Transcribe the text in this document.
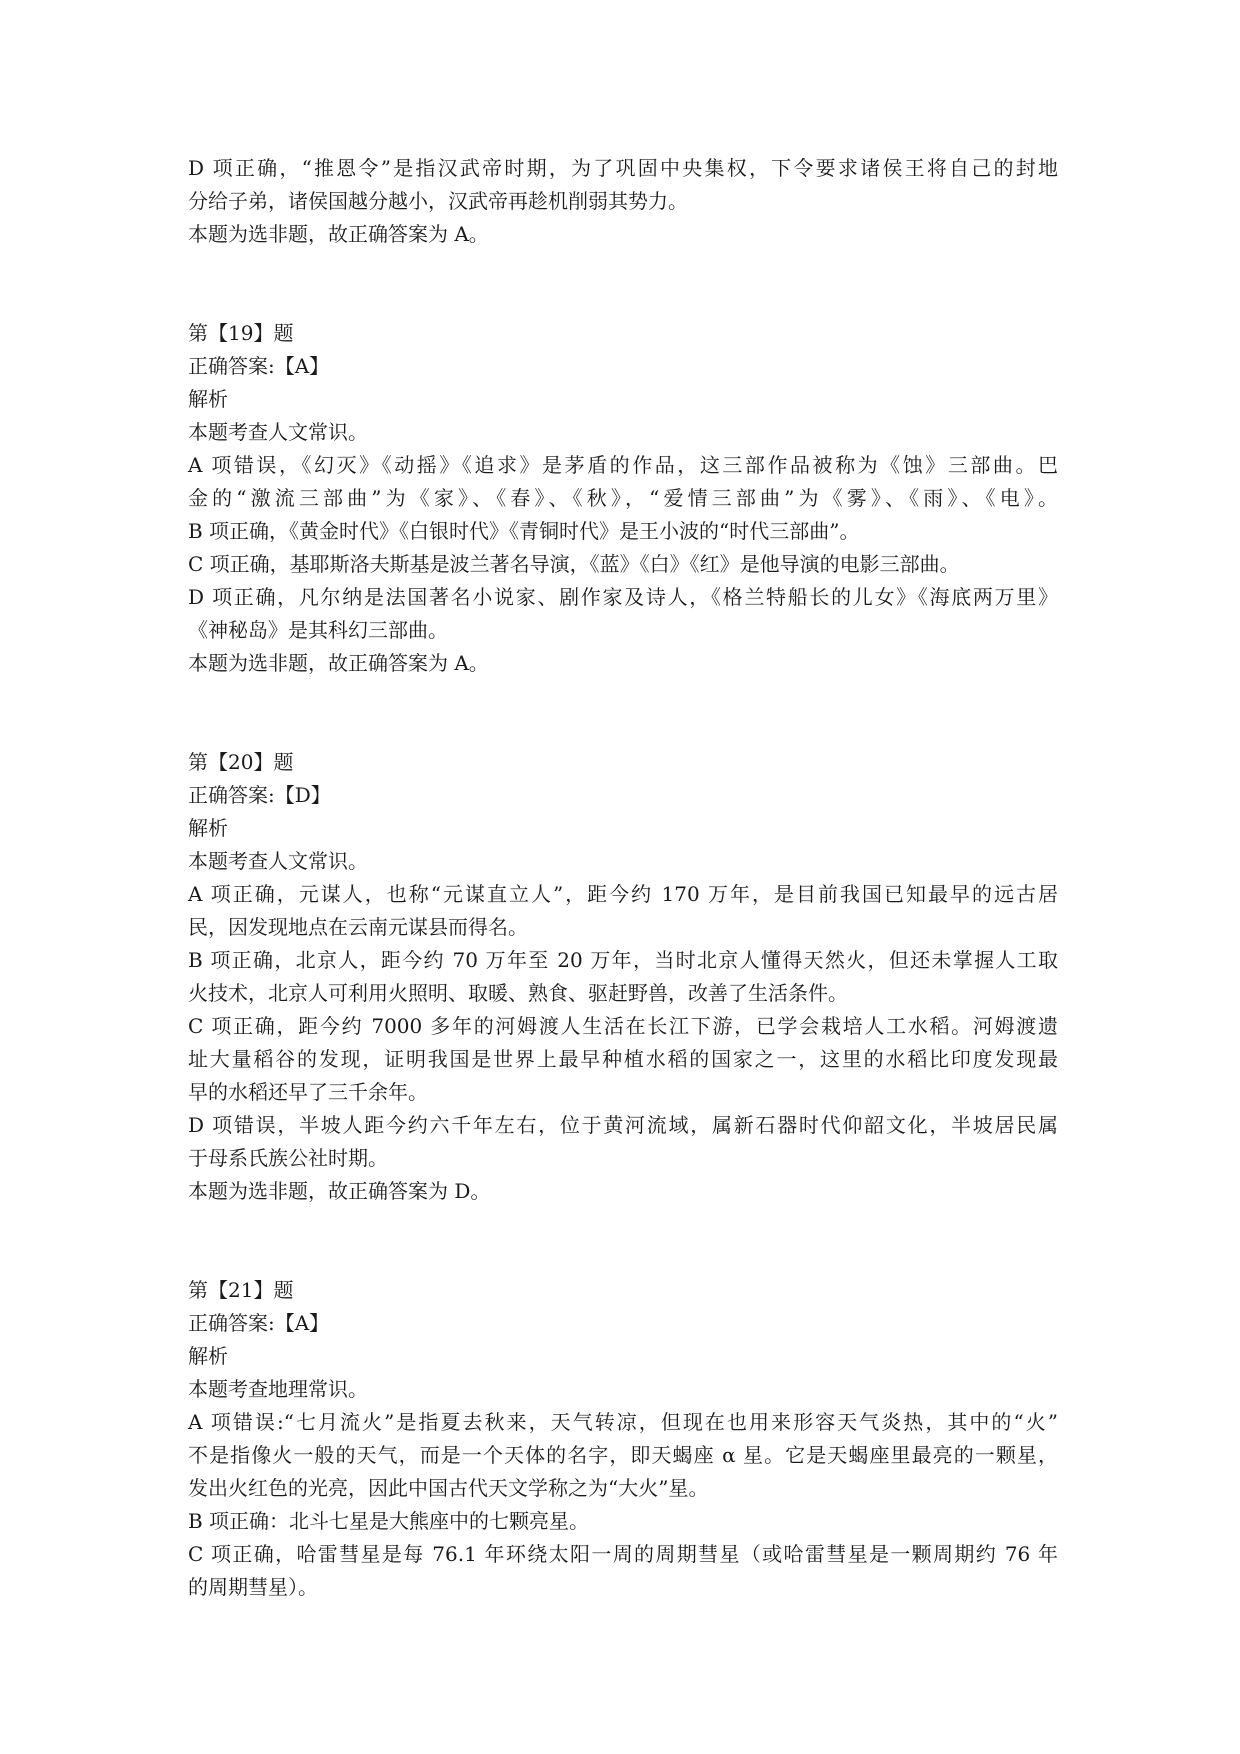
D 项正确，“推恩令”是指汉武帝时期，为了巩固中央集权，下令要求诸侯王将自己的封地

分给子弟，诸侯国越分越小，汉武帝再趁机削弱其势力。

本题为选非题，故正确答案为 A。

第【19】题

正确答案:【A】

解析

本题考查人文常识。

A 项错误，《幻灭》《动摇》《追求》是茅盾的作品，这三部作品被称为《蚀》三部曲。巴

金的“激流三部曲”为《家》、《春》、《秋》，“爱情三部曲”为《雾》、《雨》、《电》。

B 项正确，《黄金时代》《白银时代》《青铜时代》是王小波的“时代三部曲”。

C 项正确，基耶斯洛夫斯基是波兰著名导演，《蓝》《白》《红》是他导演的电影三部曲。

D 项正确，凡尔纳是法国著名小说家、剧作家及诗人，《格兰特船长的儿女》《海底两万里》

《神秘岛》是其科幻三部曲。

本题为选非题，故正确答案为 A。

第【20】题

正确答案:【D】

解析

本题考查人文常识。

A 项正确，元谋人，也称“元谋直立人”，距今约 170 万年，是目前我国已知最早的远古居

民，因发现地点在云南元谋县而得名。

B 项正确，北京人，距今约 70 万年至 20 万年，当时北京人懂得天然火，但还未掌握人工取

火技术，北京人可利用火照明、取暖、熟食、驱赶野兽，改善了生活条件。

C 项正确，距今约 7000 多年的河姆渡人生活在长江下游，已学会栽培人工水稻。河姆渡遗

址大量稻谷的发现，证明我国是世界上最早种植水稻的国家之一，这里的水稻比印度发现最

早的水稻还早了三千余年。

D 项错误，半坡人距今约六千年左右，位于黄河流域，属新石器时代仰韶文化，半坡居民属

于母系氏族公社时期。

本题为选非题，故正确答案为 D。

第【21】题

正确答案:【A】

解析

本题考查地理常识。

A 项错误:“七月流火”是指夏去秋来，天气转凉，但现在也用来形容天气炎热，其中的“火”

不是指像火一般的天气，而是一个天体的名字，即天蝎座 α 星。它是天蝎座里最亮的一颗星，

发出火红色的光亮，因此中国古代天文学称之为“大火”星。

B 项正确：北斗七星是大熊座中的七颗亮星。

C 项正确，哈雷彗星是每 76.1 年环绕太阳一周的周期彗星（或哈雷彗星是一颗周期约 76 年

的周期彗星）。
